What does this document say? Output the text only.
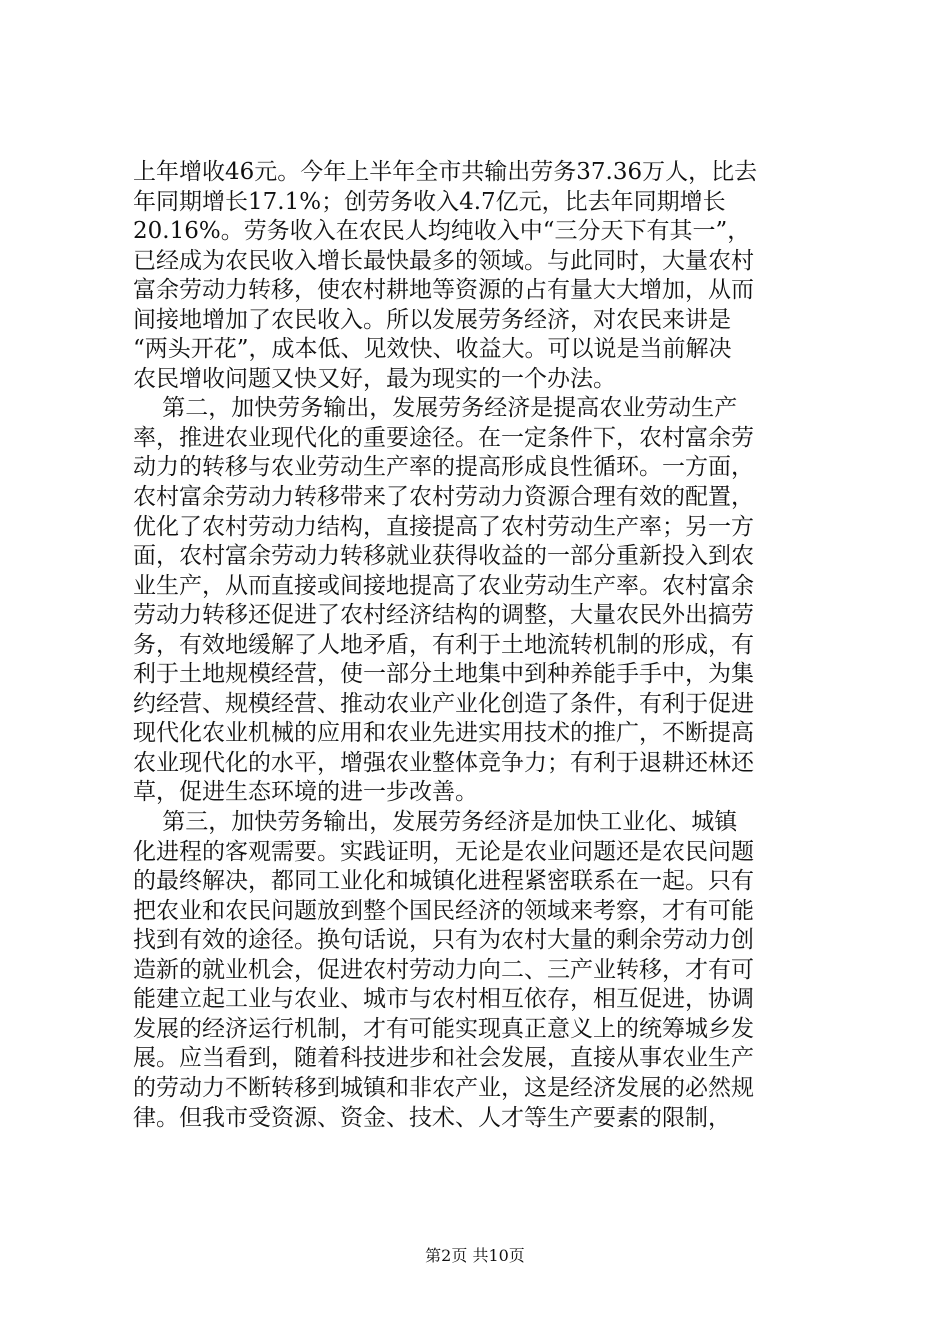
上年增收46元。今年上半年全市共输出劳务37.36万人，比去
年同期增长17.1%；创劳务收入4.7亿元，比去年同期增长
20.16%。劳务收入在农民人均纯收入中“三分天下有其一”，
已经成为农民收入增长最快最多的领域。与此同时，大量农村
富余劳动力转移，使农村耕地等资源的占有量大大增加，从而
间接地增加了农民收入。所以发展劳务经济，对农民来讲是
“两头开花”，成本低、见效快、收益大。可以说是当前解决
农民增收问题又快又好，最为现实的一个办法。
第二，加快劳务输出，发展劳务经济是提高农业劳动生产
率，推进农业现代化的重要途径。在一定条件下，农村富余劳
动力的转移与农业劳动生产率的提高形成良性循环。一方面，
农村富余劳动力转移带来了农村劳动力资源合理有效的配置，
优化了农村劳动力结构，直接提高了农村劳动生产率；另一方
面，农村富余劳动力转移就业获得收益的一部分重新投入到农
业生产，从而直接或间接地提高了农业劳动生产率。农村富余
劳动力转移还促进了农村经济结构的调整，大量农民外出搞劳
务，有效地缓解了人地矛盾，有利于土地流转机制的形成，有
利于土地规模经营，使一部分土地集中到种养能手手中，为集
约经营、规模经营、推动农业产业化创造了条件，有利于促进
现代化农业机械的应用和农业先进实用技术的推广，不断提高
农业现代化的水平，增强农业整体竞争力；有利于退耕还林还
草，促进生态环境的进一步改善。
第三，加快劳务输出，发展劳务经济是加快工业化、城镇
化进程的客观需要。实践证明，无论是农业问题还是农民问题
的最终解决，都同工业化和城镇化进程紧密联系在一起。只有
把农业和农民问题放到整个国民经济的领域来考察，才有可能
找到有效的途径。换句话说，只有为农村大量的剩余劳动力创
造新的就业机会，促进农村劳动力向二、三产业转移，才有可
能建立起工业与农业、城市与农村相互依存，相互促进，协调
发展的经济运行机制，才有可能实现真正意义上的统筹城乡发
展。应当看到，随着科技进步和社会发展，直接从事农业生产
的劳动力不断转移到城镇和非农产业，这是经济发展的必然规
律。但我市受资源、资金、技术、人才等生产要素的限制，
第2页 共10页
